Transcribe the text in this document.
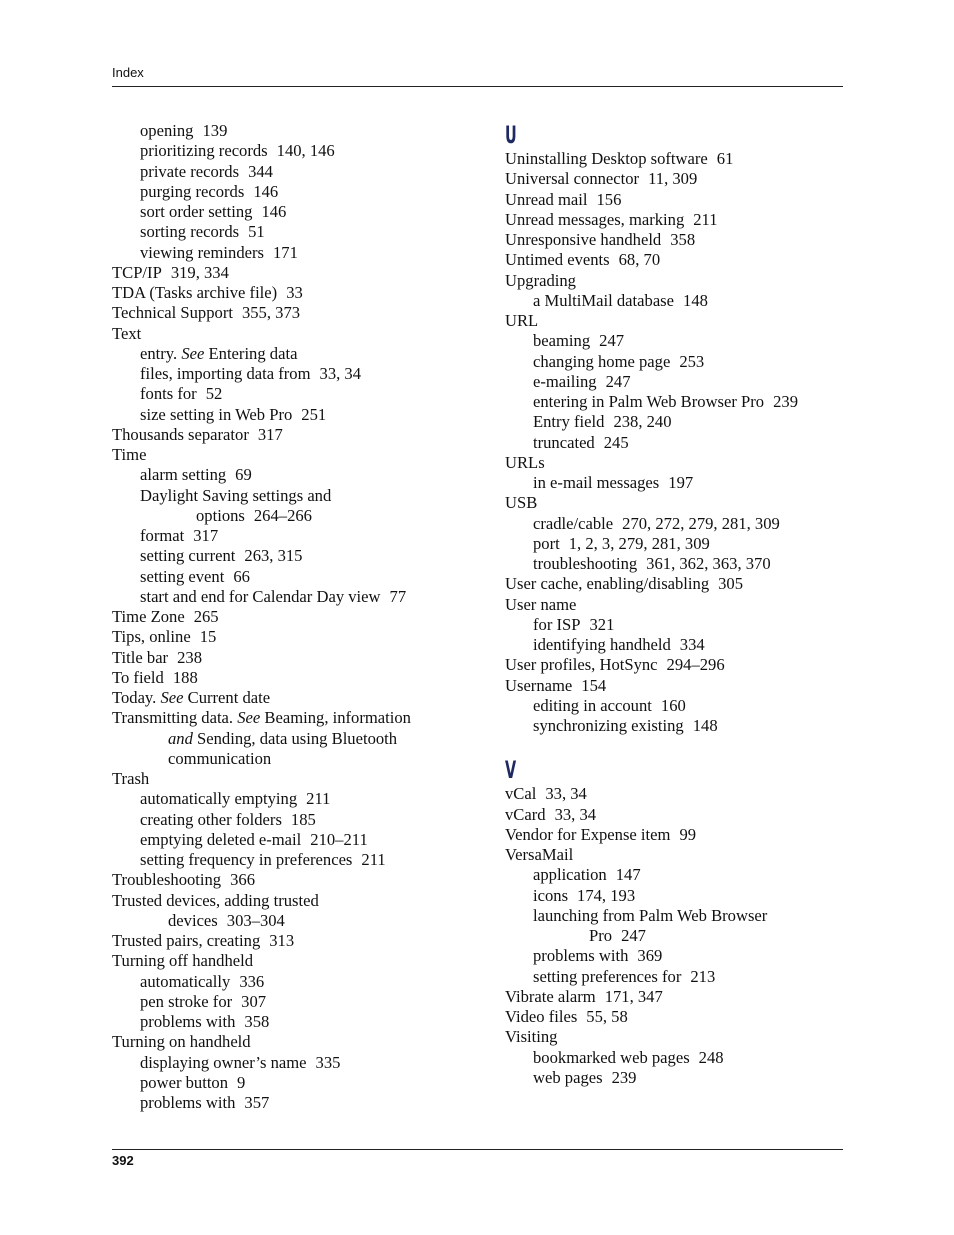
Index
opening 139
prioritizing records 140, 146
private records 344
purging records 146
sort order setting 146
sorting records 51
viewing reminders 171
TCP/IP 319, 334
TDA (Tasks archive file) 33
Technical Support 355, 373
Text
entry. See Entering data
files, importing data from 33, 34
fonts for 52
size setting in Web Pro 251
Thousands separator 317
Time
alarm setting 69
Daylight Saving settings and
options 264–266
format 317
setting current 263, 315
setting event 66
start and end for Calendar Day view 77
Time Zone 265
Tips, online 15
Title bar 238
To field 188
Today. See Current date
Transmitting data. See Beaming, information
and Sending, data using Bluetooth
communication
Trash
automatically emptying 211
creating other folders 185
emptying deleted e-mail 210–211
setting frequency in preferences 211
Troubleshooting 366
Trusted devices, adding trusted
devices 303–304
Trusted pairs, creating 313
Turning off handheld
automatically 336
pen stroke for 307
problems with 358
Turning on handheld
displaying owner’s name 335
power button 9
problems with 357
U
Uninstalling Desktop software 61
Universal connector 11, 309
Unread mail 156
Unread messages, marking 211
Unresponsive handheld 358
Untimed events 68, 70
Upgrading
a MultiMail database 148
URL
beaming 247
changing home page 253
e-mailing 247
entering in Palm Web Browser Pro 239
Entry field 238, 240
truncated 245
URLs
in e-mail messages 197
USB
cradle/cable 270, 272, 279, 281, 309
port 1, 2, 3, 279, 281, 309
troubleshooting 361, 362, 363, 370
User cache, enabling/disabling 305
User name
for ISP 321
identifying handheld 334
User profiles, HotSync 294–296
Username 154
editing in account 160
synchronizing existing 148
V
vCal 33, 34
vCard 33, 34
Vendor for Expense item 99
VersaMail
application 147
icons 174, 193
launching from Palm Web Browser
Pro 247
problems with 369
setting preferences for 213
Vibrate alarm 171, 347
Video files 55, 58
Visiting
bookmarked web pages 248
web pages 239
392
